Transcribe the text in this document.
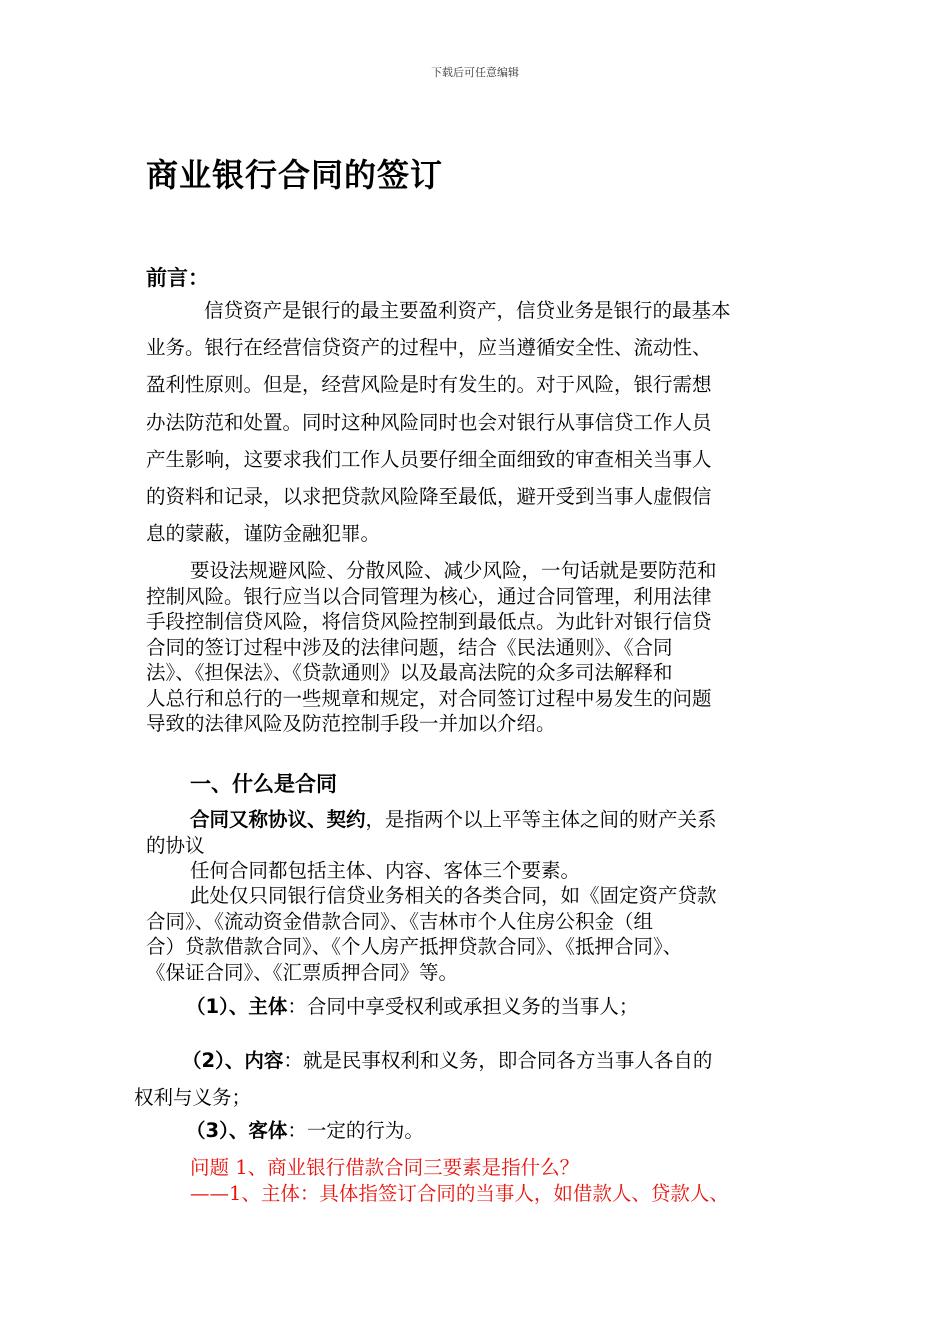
下载后可任意编辑
商业银行合同的签订
前言：
信贷资产是银行的最主要盈利资产，信贷业务是银行的最基本
业务。银行在经营信贷资产的过程中，应当遵循安全性、流动性、
盈利性原则。但是，经营风险是时有发生的。对于风险，银行需想
办法防范和处置。同时这种风险同时也会对银行从事信贷工作人员
产生影响，这要求我们工作人员要仔细全面细致的审查相关当事人
的资料和记录，以求把贷款风险降至最低，避开受到当事人虚假信
息的蒙蔽，谨防金融犯罪。
要设法规避风险、分散风险、减少风险，一句话就是要防范和
控制风险。银行应当以合同管理为核心，通过合同管理，利用法律
手段控制信贷风险，将信贷风险控制到最低点。为此针对银行信贷
合同的签订过程中涉及的法律问题，结合《民法通则》、《合同
法》、《担保法》、《贷款通则》以及最高法院的众多司法解释和
人总行和总行的一些规章和规定，对合同签订过程中易发生的问题
导致的法律风险及防范控制手段一并加以介绍。
一、什么是合同
合同又称协议、契约，是指两个以上平等主体之间的财产关系
的协议
任何合同都包括主体、内容、客体三个要素。
此处仅只同银行信贷业务相关的各类合同，如《固定资产贷款
合同》、《流动资金借款合同》、《吉林市个人住房公积金（组
合）贷款借款合同》、《个人房产抵押贷款合同》、《抵押合同》、
《保证合同》、《汇票质押合同》等。
（1）、主体：合同中享受权利或承担义务的当事人；
（2）、内容：就是民事权利和义务，即合同各方当事人各自的
权利与义务；
（3）、客体：一定的行为。
问题 1、商业银行借款合同三要素是指什么？
——1、主体：具体指签订合同的当事人，如借款人、贷款人、
